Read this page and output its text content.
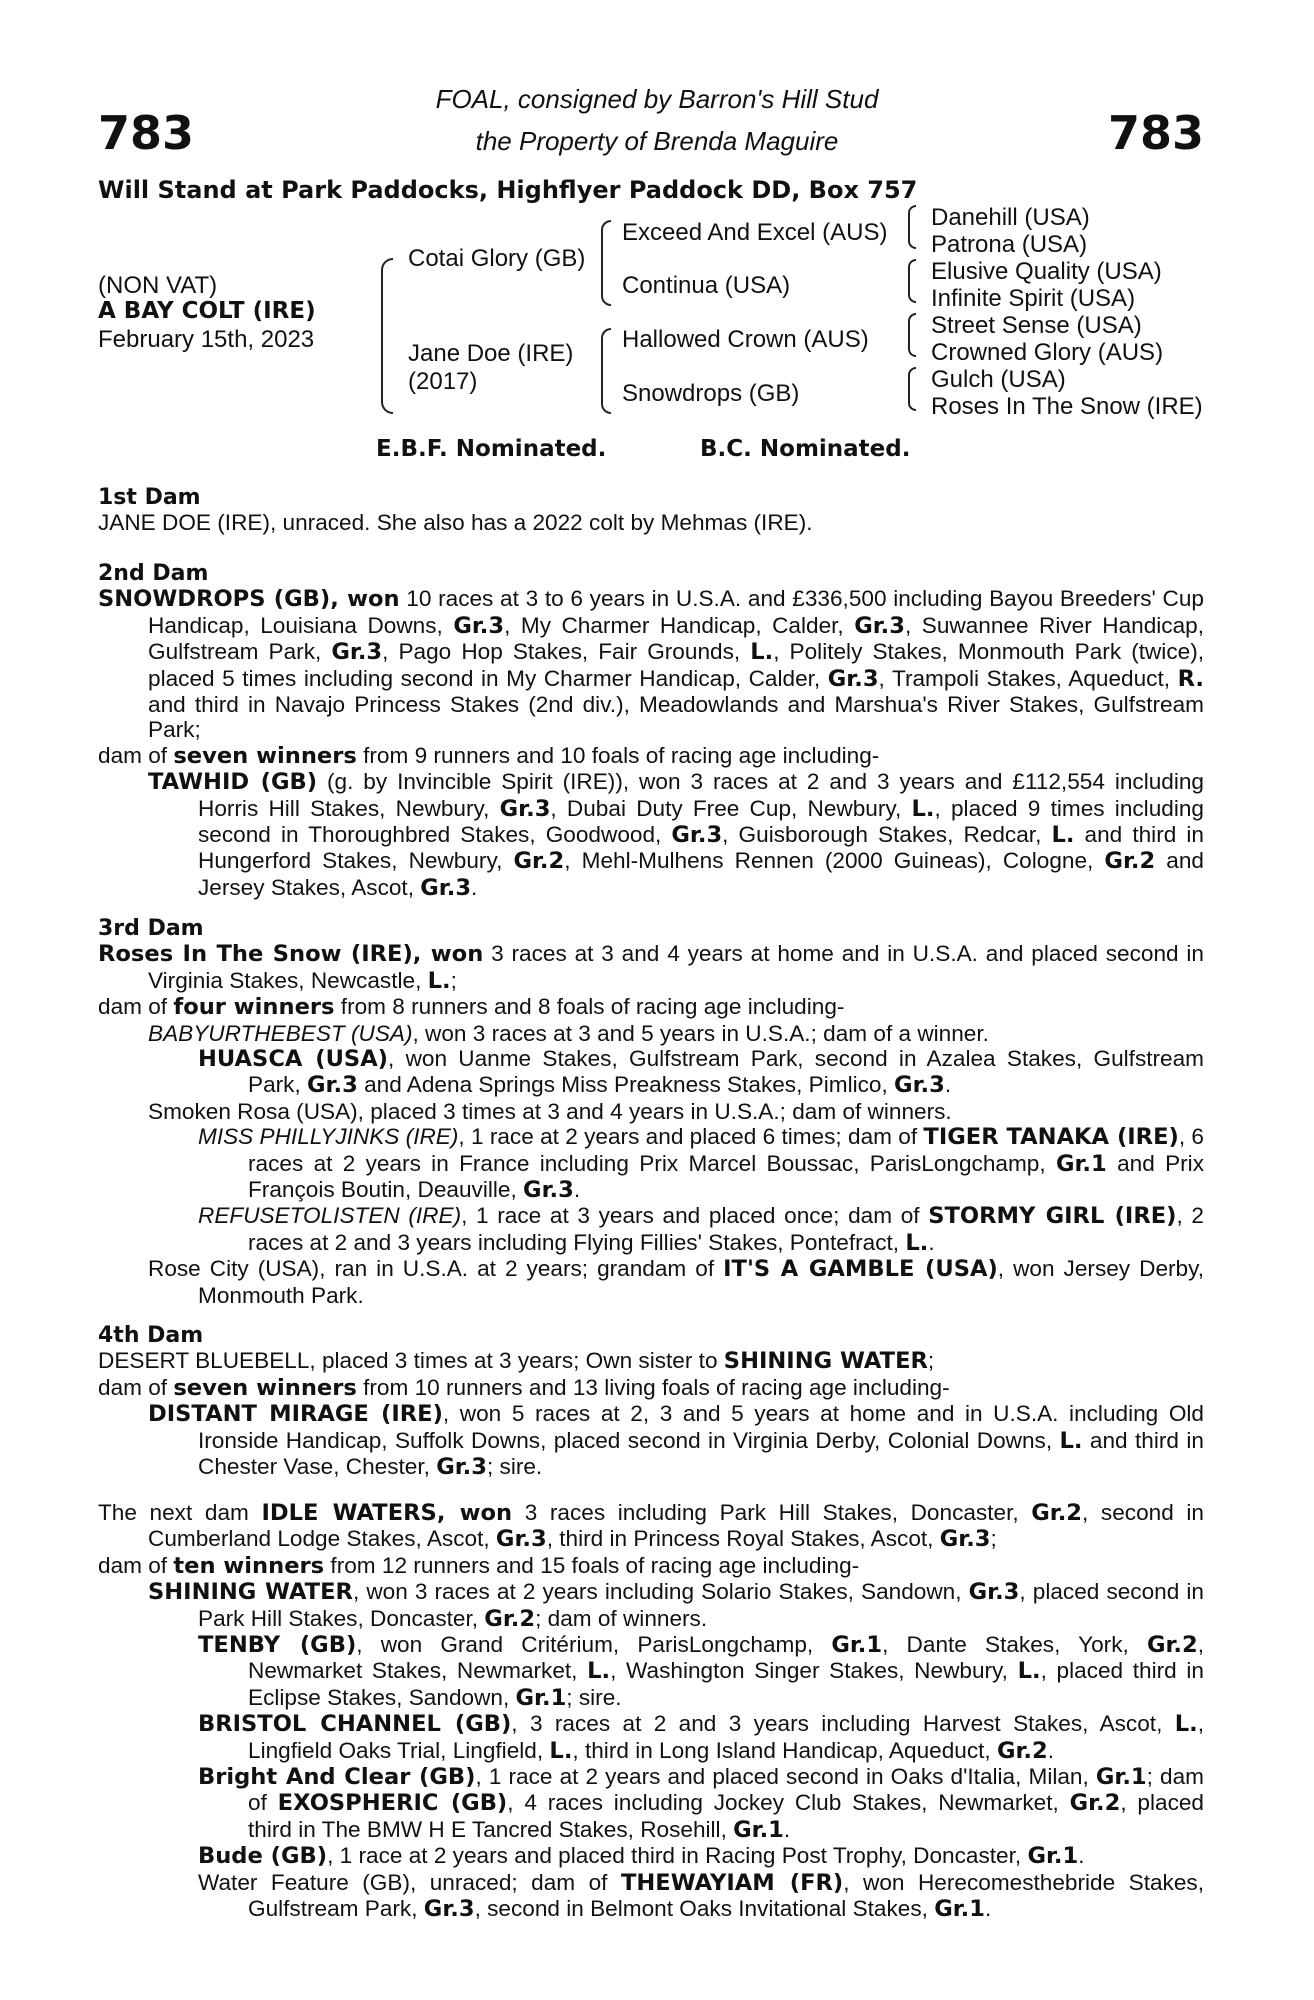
783	783
FOAL, consigned by Barron's Hill Stud
the Property of Brenda Maguire
Will Stand at Park Paddocks, Highflyer Paddock DD, Box 757
(NON VAT)
A BAY COLT (IRE)
February 15th, 2023
Cotai Glory (GB)
Jane Doe (IRE)
(2017)
Exceed And Excel (AUS)
Continua (USA)
Hallowed Crown (AUS)
Snowdrops (GB)
Danehill (USA)
Patrona (USA)
Elusive Quality (USA)
Infinite Spirit (USA)
Street Sense (USA)
Crowned Glory (AUS)
Gulch (USA)
Roses In The Snow (IRE)
E.B.F. Nominated.	B.C. Nominated.

1st Dam

JANE DOE (IRE), unraced. She also has a 2022 colt by Mehmas (IRE).

2nd Dam

SNOWDROPS (GB), won 10 races at 3 to 6 years in U.S.A. and £336,500 including Bayou Breeders' Cup Handicap, Louisiana Downs, Gr.3, My Charmer Handicap, Calder, Gr.3, Suwannee River Handicap, Gulfstream Park, Gr.3, Pago Hop Stakes, Fair Grounds, L., Politely Stakes, Monmouth Park (twice), placed 5 times including second in My Charmer Handicap, Calder, Gr.3, Trampoli Stakes, Aqueduct, R. and third in Navajo Princess Stakes (2nd div.), Meadowlands and Marshua's River Stakes, Gulfstream Park;

dam of seven winners from 9 runners and 10 foals of racing age including-

TAWHID (GB) (g. by Invincible Spirit (IRE)), won 3 races at 2 and 3 years and £112,554 including Horris Hill Stakes, Newbury, Gr.3, Dubai Duty Free Cup, Newbury, L., placed 9 times including second in Thoroughbred Stakes, Goodwood, Gr.3, Guisborough Stakes, Redcar, L. and third in Hungerford Stakes, Newbury, Gr.2, Mehl-Mulhens Rennen (2000 Guineas), Cologne, Gr.2 and Jersey Stakes, Ascot, Gr.3.

3rd Dam

Roses In The Snow (IRE), won 3 races at 3 and 4 years at home and in U.S.A. and placed second in Virginia Stakes, Newcastle, L.;

dam of four winners from 8 runners and 8 foals of racing age including-

BABYURTHEBEST (USA), won 3 races at 3 and 5 years in U.S.A.; dam of a winner.

HUASCA (USA), won Uanme Stakes, Gulfstream Park, second in Azalea Stakes, Gulfstream Park, Gr.3 and Adena Springs Miss Preakness Stakes, Pimlico, Gr.3.

Smoken Rosa (USA), placed 3 times at 3 and 4 years in U.S.A.; dam of winners.

MISS PHILLYJINKS (IRE), 1 race at 2 years and placed 6 times; dam of TIGER TANAKA (IRE), 6 races at 2 years in France including Prix Marcel Boussac, ParisLongchamp, Gr.1 and Prix François Boutin, Deauville, Gr.3.

REFUSETOLISTEN (IRE), 1 race at 3 years and placed once; dam of STORMY GIRL (IRE), 2 races at 2 and 3 years including Flying Fillies' Stakes, Pontefract, L..

Rose City (USA), ran in U.S.A. at 2 years; grandam of IT'S A GAMBLE (USA), won Jersey Derby, Monmouth Park.

4th Dam

DESERT BLUEBELL, placed 3 times at 3 years; Own sister to SHINING WATER;

dam of seven winners from 10 runners and 13 living foals of racing age including-

DISTANT MIRAGE (IRE), won 5 races at 2, 3 and 5 years at home and in U.S.A. including Old Ironside Handicap, Suffolk Downs, placed second in Virginia Derby, Colonial Downs, L. and third in Chester Vase, Chester, Gr.3; sire.

The next dam IDLE WATERS, won 3 races including Park Hill Stakes, Doncaster, Gr.2, second in Cumberland Lodge Stakes, Ascot, Gr.3, third in Princess Royal Stakes, Ascot, Gr.3;

dam of ten winners from 12 runners and 15 foals of racing age including-

SHINING WATER, won 3 races at 2 years including Solario Stakes, Sandown, Gr.3, placed second in Park Hill Stakes, Doncaster, Gr.2; dam of winners.

TENBY (GB), won Grand Critérium, ParisLongchamp, Gr.1, Dante Stakes, York, Gr.2, Newmarket Stakes, Newmarket, L., Washington Singer Stakes, Newbury, L., placed third in Eclipse Stakes, Sandown, Gr.1; sire.

BRISTOL CHANNEL (GB), 3 races at 2 and 3 years including Harvest Stakes, Ascot, L., Lingfield Oaks Trial, Lingfield, L., third in Long Island Handicap, Aqueduct, Gr.2.

Bright And Clear (GB), 1 race at 2 years and placed second in Oaks d'Italia, Milan, Gr.1; dam of EXOSPHERIC (GB), 4 races including Jockey Club Stakes, Newmarket, Gr.2, placed third in The BMW H E Tancred Stakes, Rosehill, Gr.1.

Bude (GB), 1 race at 2 years and placed third in Racing Post Trophy, Doncaster, Gr.1.

Water Feature (GB), unraced; dam of THEWAYIAM (FR), won Herecomesthebride Stakes, Gulfstream Park, Gr.3, second in Belmont Oaks Invitational Stakes, Gr.1.
